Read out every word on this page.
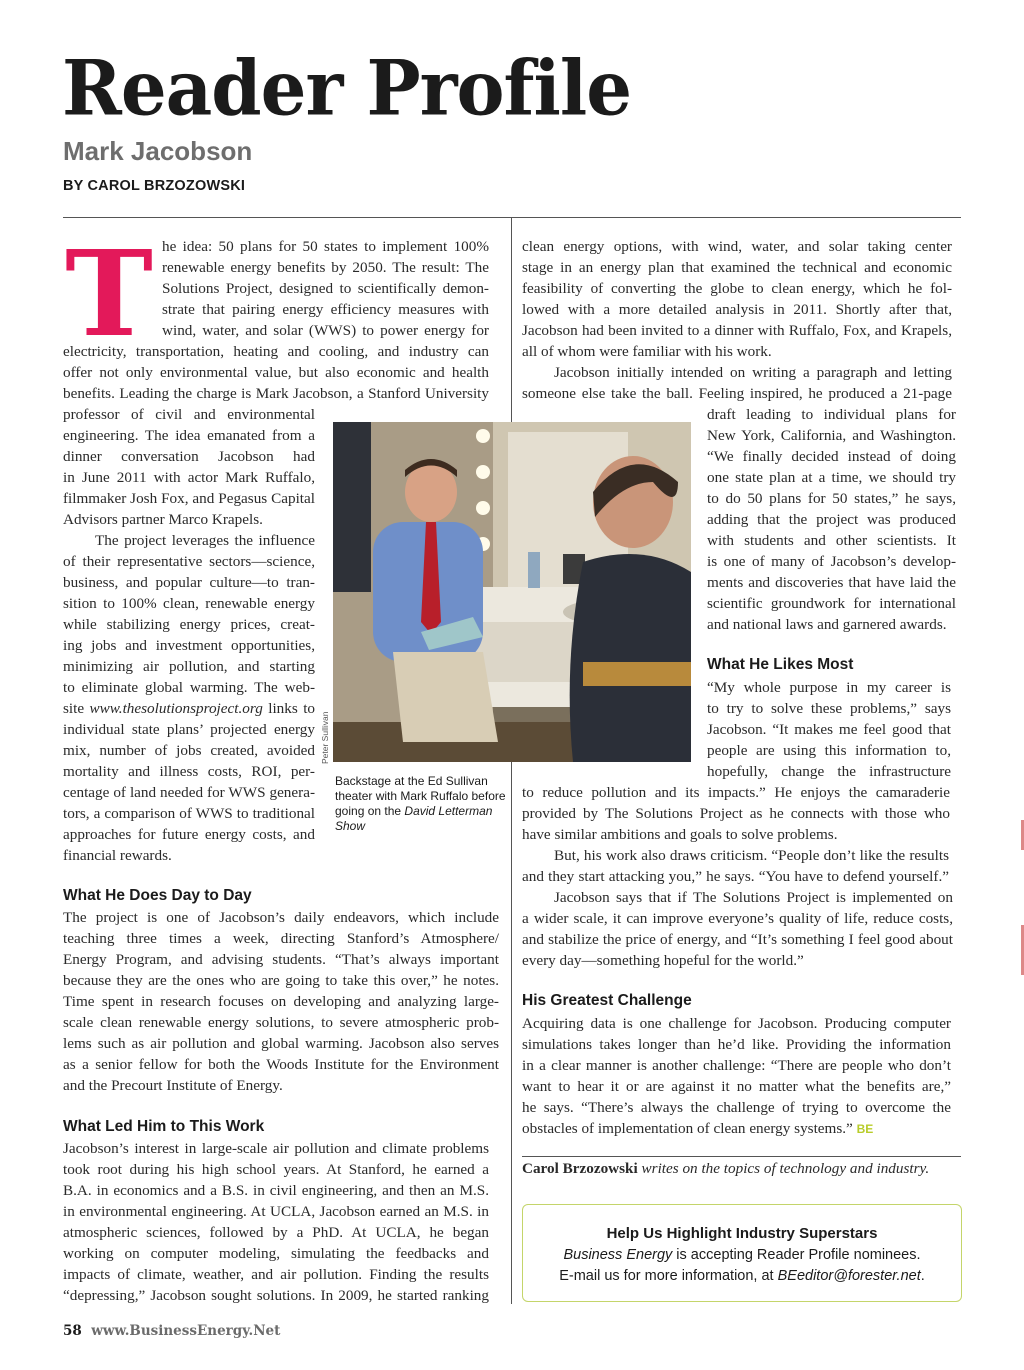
Reader Profile
Mark Jacobson
BY CAROL BRZOZOWSKI
T he idea: 50 plans for 50 states to implement 100%

renewable energy benefits by 2050. The result: The

Solutions Project, designed to scientifically demon-

strate that pairing energy efficiency measures with

wind, water, and solar (WWS) to power energy for

electricity, transportation, heating and cooling, and industry can

offer not only environmental value, but also economic and health

benefits. Leading the charge is Mark Jacobson, a Stanford University

professor of civil and environmental

engineering. The idea emanated from a

dinner conversation Jacobson had

in June 2011 with actor Mark Ruffalo,

filmmaker Josh Fox, and Pegasus Capital

Advisors partner Marco Krapels.

The project leverages the influence

of their representative sectors—science,

business, and popular culture—to tran-

sition to 100% clean, renewable energy

while stabilizing energy prices, creat-

ing jobs and investment opportunities,

minimizing air pollution, and starting

to eliminate global warming. The web-

site www.thesolutionsproject.org links to

individual state plans’ projected energy

mix, number of jobs created, avoided

mortality and illness costs, ROI, per-

centage of land needed for WWS genera-

tors, a comparison of WWS to traditional

approaches for future energy costs, and

financial rewards.

Peter Sullivan
Backstage at the Ed Sullivan theater with Mark Ruffalo before going on the David Letterman Show
What He Does Day to Day

The project is one of Jacobson’s daily endeavors, which include

teaching three times a week, directing Stanford’s Atmosphere/

Energy Program, and advising students. “That’s always important

because they are the ones who are going to take this over,” he notes.

Time spent in research focuses on developing and analyzing large-

scale clean renewable energy solutions, to severe atmospheric prob-

lems such as air pollution and global warming. Jacobson also serves

as a senior fellow for both the Woods Institute for the Environment

and the Precourt Institute of Energy.

What Led Him to This Work

Jacobson’s interest in large-scale air pollution and climate problems

took root during his high school years. At Stanford, he earned a

B.A. in economics and a B.S. in civil engineering, and then an M.S.

in environmental engineering. At UCLA, Jacobson earned an M.S. in

atmospheric sciences, followed by a PhD. At UCLA, he began

working on computer modeling, simulating the feedbacks and

impacts of climate, weather, and air pollution. Finding the results

“depressing,” Jacobson sought solutions. In 2009, he started ranking

clean energy options, with wind, water, and solar taking center

stage in an energy plan that examined the technical and economic

feasibility of converting the globe to clean energy, which he fol-

lowed with a more detailed analysis in 2011. Shortly after that,

Jacobson had been invited to a dinner with Ruffalo, Fox, and Krapels,

all of whom were familiar with his work.

Jacobson initially intended on writing a paragraph and letting

someone else take the ball. Feeling inspired, he produced a 21-page

draft leading to individual plans for

New York, California, and Washington.

“We finally decided instead of doing

one state plan at a time, we should try

to do 50 plans for 50 states,” he says,

adding that the project was produced

with students and other scientists. It

is one of many of Jacobson’s develop-

ments and discoveries that have laid the

scientific groundwork for international

and national laws and garnered awards.

What He Likes Most

“My whole purpose in my career is

to try to solve these problems,” says

Jacobson. “It makes me feel good that

people are using this information to,

hopefully, change the infrastructure

to reduce pollution and its impacts.” He enjoys the camaraderie

provided by The Solutions Project as he connects with those who

have similar ambitions and goals to solve problems.

But, his work also draws criticism. “People don’t like the results

and they start attacking you,” he says. “You have to defend yourself.”

Jacobson says that if The Solutions Project is implemented on

a wider scale, it can improve everyone’s quality of life, reduce costs,

and stabilize the price of energy, and “It’s something I feel good about

every day—something hopeful for the world.”

His Greatest Challenge

Acquiring data is one challenge for Jacobson. Producing computer

simulations takes longer than he’d like. Providing the information

in a clear manner is another challenge: “There are people who don’t

want to hear it or are against it no matter what the benefits are,”

he says. “There’s always the challenge of trying to overcome the

obstacles of implementation of clean energy systems.” BE
Carol Brzozowski writes on the topics of technology and industry.
Help Us Highlight Industry Superstars
Business Energy is accepting Reader Profile nominees.
E-mail us for more information, at BEeditor@forester.net.
58 www.BusinessEnergy.Net
